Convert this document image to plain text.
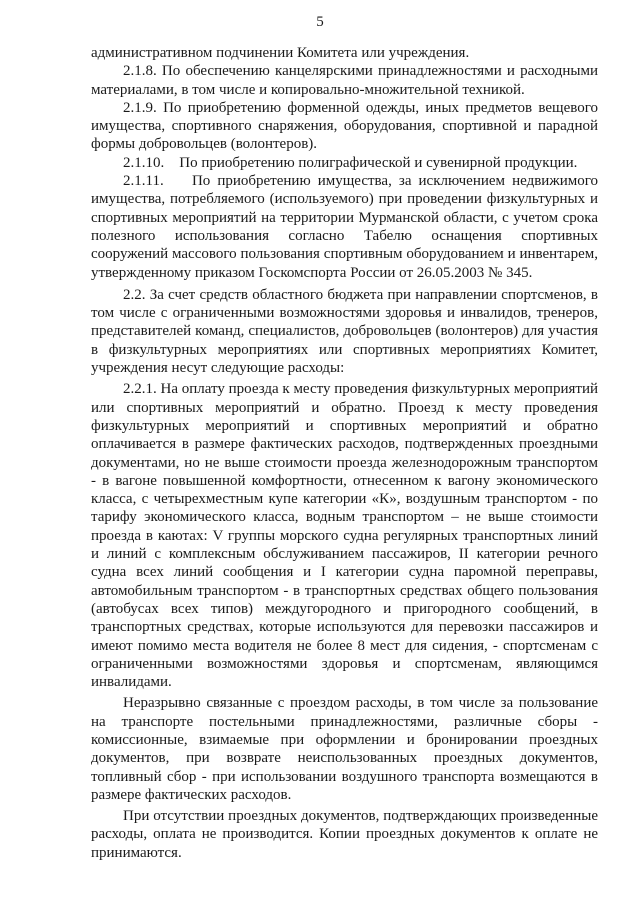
5

административном подчинении Комитета или учреждения.

2.1.8. По обеспечению канцелярскими принадлежностями и расходными материалами, в том числе и копировально-множительной техникой.

2.1.9. По приобретению форменной одежды, иных предметов вещевого имущества, спортивного снаряжения, оборудования, спортивной и парадной формы добровольцев (волонтеров).

2.1.10.    По приобретению полиграфической и сувенирной продукции.

2.1.11.    По приобретению имущества, за исключением недвижимого имущества, потребляемого (используемого) при проведении физкультурных и спортивных мероприятий на территории Мурманской области, с учетом срока полезного использования согласно Табелю оснащения спортивных сооружений массового пользования спортивным оборудованием и инвентарем, утвержденному приказом Госкомспорта России от 26.05.2003 № 345.

2.2. За счет средств областного бюджета при направлении спортсменов, в том числе с ограниченными возможностями здоровья и инвалидов, тренеров, представителей команд, специалистов, добровольцев (волонтеров) для участия в физкультурных мероприятиях или спортивных мероприятиях Комитет, учреждения несут следующие расходы:

2.2.1. На оплату проезда к месту проведения физкультурных мероприятий или спортивных мероприятий и обратно. Проезд к месту проведения физкультурных мероприятий и спортивных мероприятий и обратно оплачивается в размере фактических расходов, подтвержденных проездными документами, но не выше стоимости проезда железнодорожным транспортом - в вагоне повышенной комфортности, отнесенном к вагону экономического класса, с четырехместным купе категории «К», воздушным транспортом - по тарифу экономического класса, водным транспортом – не выше стоимости проезда в каютах: V группы морского судна регулярных транспортных линий и линий с комплексным обслуживанием пассажиров, II категории речного судна всех линий сообщения и I категории судна паромной переправы, автомобильным транспортом - в транспортных средствах общего пользования (автобусах всех типов) междугородного и пригородного сообщений, в транспортных средствах, которые используются для перевозки пассажиров и имеют помимо места водителя не более 8 мест для сидения, - спортсменам с ограниченными возможностями здоровья и спортсменам, являющимся инвалидами.

Неразрывно связанные с проездом расходы, в том числе за пользование на транспорте постельными принадлежностями, различные сборы - комиссионные, взимаемые при оформлении и бронировании проездных документов, при возврате неиспользованных проездных документов, топливный сбор - при использовании воздушного транспорта возмещаются в размере фактических расходов.

При отсутствии проездных документов, подтверждающих произведенные расходы, оплата не производится. Копии проездных документов к оплате не принимаются.
